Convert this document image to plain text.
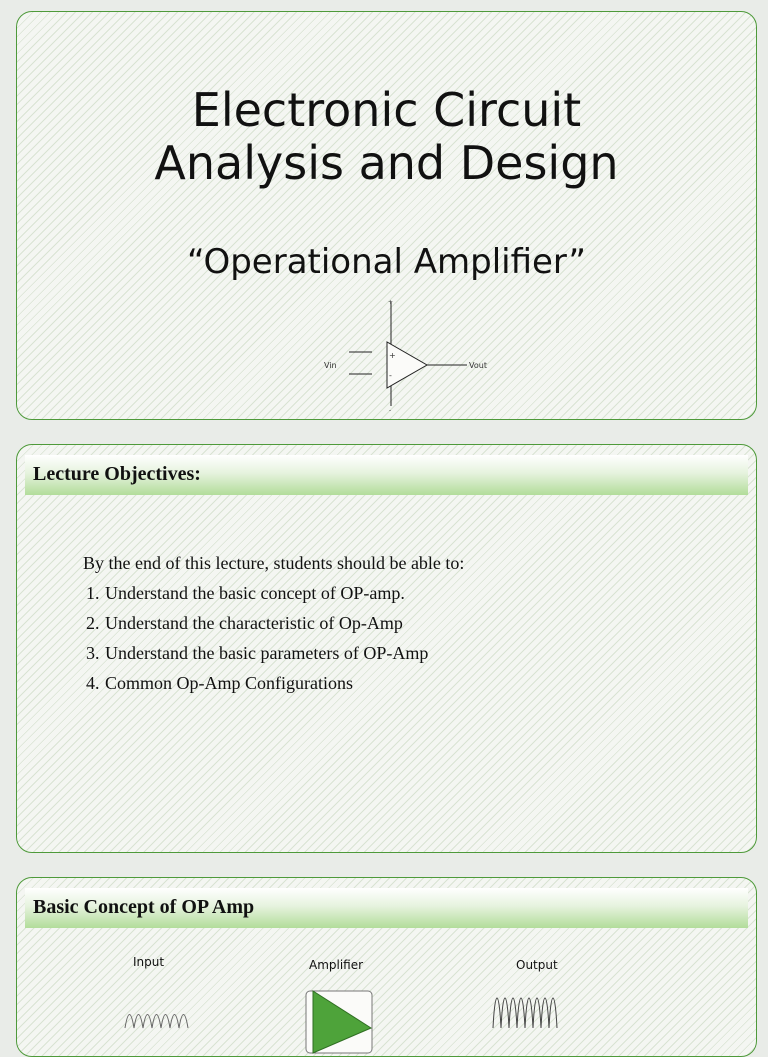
Electronic Circuit
Analysis and Design
“Operational Amplifier”
+
-
+
-
Vin	Vout
Lecture Objectives:

By the end of this lecture, students should be able to:

1. Understand the basic concept of OP-amp.
2. Understand the characteristic of Op-Amp
3. Understand the basic parameters of OP-Amp
4. Common Op-Amp Configurations
Basic Concept of OP Amp
Input	Amplifier	Output
